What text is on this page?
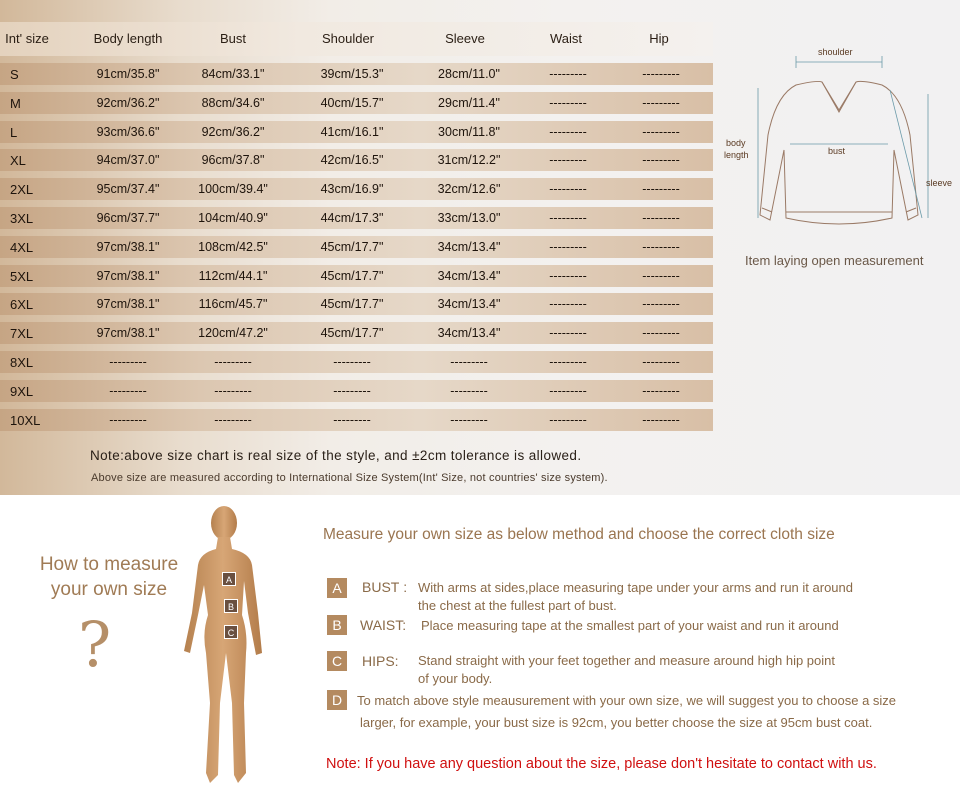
Int' size	Body length	Bust	Shoulder	Sleeve	Waist	Hip
S	91cm/35.8"	84cm/33.1"	39cm/15.3"	28cm/11.0"	---------	---------
M	92cm/36.2"	88cm/34.6"	40cm/15.7"	29cm/11.4"	---------	---------
L	93cm/36.6"	92cm/36.2"	41cm/16.1"	30cm/11.8"	---------	---------
XL	94cm/37.0"	96cm/37.8"	42cm/16.5"	31cm/12.2"	---------	---------
2XL	95cm/37.4"	100cm/39.4"	43cm/16.9"	32cm/12.6"	---------	---------
3XL	96cm/37.7"	104cm/40.9"	44cm/17.3"	33cm/13.0"	---------	---------
4XL	97cm/38.1"	108cm/42.5"	45cm/17.7"	34cm/13.4"	---------	---------
5XL	97cm/38.1"	112cm/44.1"	45cm/17.7"	34cm/13.4"	---------	---------
6XL	97cm/38.1"	116cm/45.7"	45cm/17.7"	34cm/13.4"	---------	---------
7XL	97cm/38.1"	120cm/47.2"	45cm/17.7"	34cm/13.4"	---------	---------
8XL	---------	---------	---------	---------	---------	---------
9XL	---------	---------	---------	---------	---------	---------
10XL	---------	---------	---------	---------	---------	---------
Note:above size chart is real size of the style, and ±2cm tolerance is allowed.
Above size are measured according to International Size System(Int' Size, not countries' size system).
shoulder
body
length	bust
sleeve
Item laying open measurement
How to measure your own size
?
A
B
C
Measure your own size as below method and choose the correct cloth size
A	BUST : With arms at sides,place measuring tape under your arms and run it around
the chest at the fullest part of bust.
B	WAIST: Place measuring tape at the smallest part of your waist and run it around
C	HIPS: Stand straight with your feet together and measure around high hip point
of your body.
D	To match above style meausurement with your own size, we will suggest you to choose a size
larger, for example, your bust size is 92cm, you better choose the size at 95cm bust coat.
Note: If you have any question about the size, please don't hesitate to contact with us.
